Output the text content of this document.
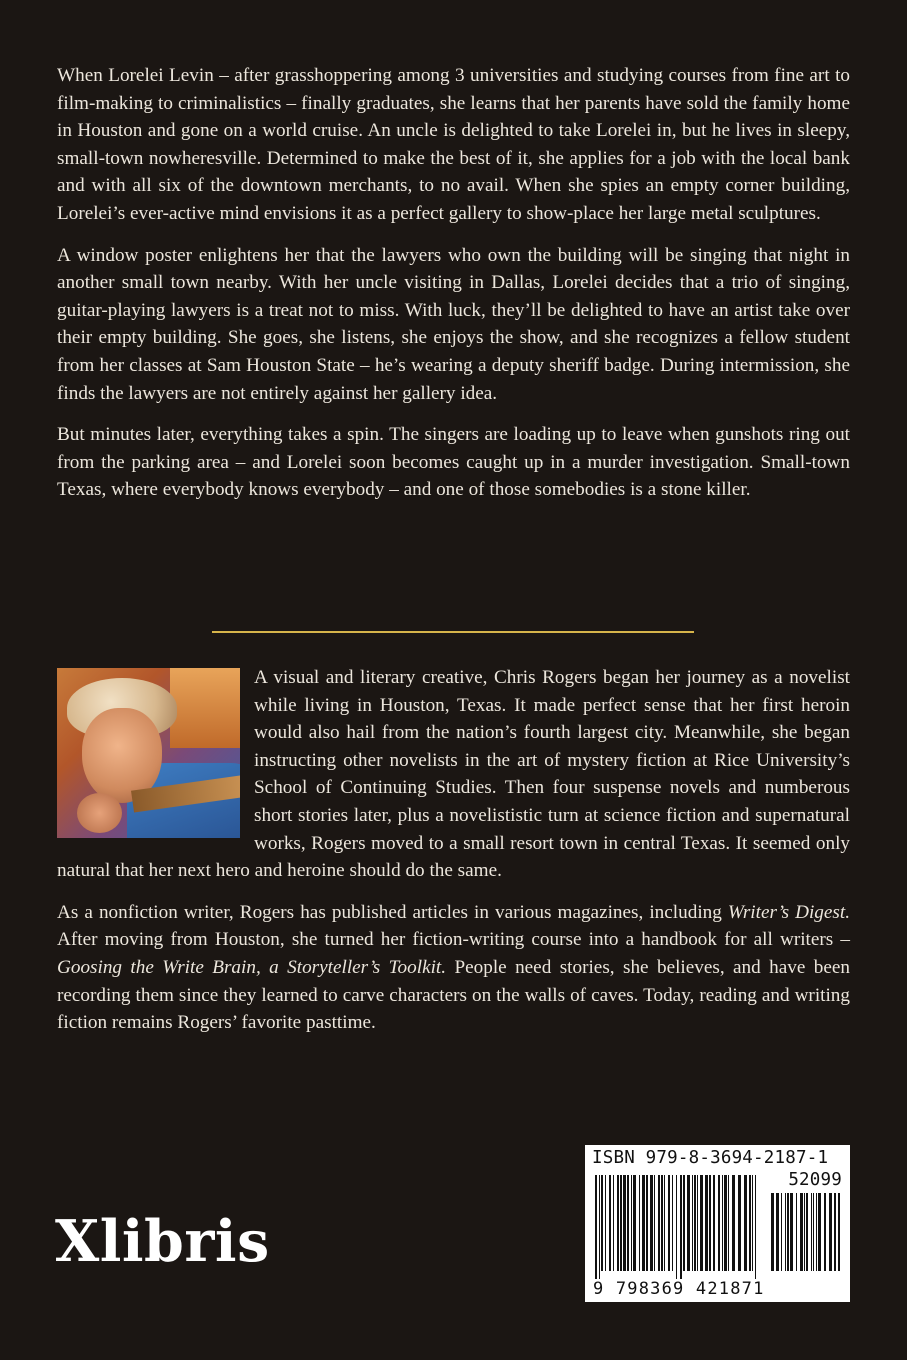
When Lorelei Levin – after grasshoppering among 3 universities and studying courses from fine art to film-making to criminalistics – finally graduates, she learns that her parents have sold the family home in Houston and gone on a world cruise. An uncle is delighted to take Lorelei in, but he lives in sleepy, small-town nowheresville. Determined to make the best of it, she applies for a job with the local bank and with all six of the downtown merchants, to no avail. When she spies an empty corner building, Lorelei’s ever-active mind envisions it as a perfect gallery to show-place her large metal sculptures.

A window poster enlightens her that the lawyers who own the building will be singing that night in another small town nearby. With her uncle visiting in Dallas, Lorelei decides that a trio of singing, guitar-playing lawyers is a treat not to miss. With luck, they’ll be delighted to have an artist take over their empty building. She goes, she listens, she enjoys the show, and she recognizes a fellow student from her classes at Sam Houston State – he’s wearing a deputy sheriff badge. During intermission, she finds the lawyers are not entirely against her gallery idea.

But minutes later, everything takes a spin. The singers are loading up to leave when gunshots ring out from the parking area – and Lorelei soon becomes caught up in a murder investigation. Small-town Texas, where everybody knows everybody – and one of those somebodies is a stone killer.

A visual and literary creative, Chris Rogers began her journey as a novelist while living in Houston, Texas. It made perfect sense that her first heroin would also hail from the nation’s fourth largest city. Meanwhile, she began instructing other novelists in the art of mystery fiction at Rice University’s School of Continuing Studies. Then four suspense novels and numberous short stories later, plus a novelististic turn at science fiction and supernatural works, Rogers moved to a small resort town in central Texas. It seemed only natural that her next hero and heroine should do the same.

As a nonfiction writer, Rogers has published articles in various magazines, including Writer’s Digest. After moving from Houston, she turned her fiction-writing course into a handbook for all writers – Goosing the Write Brain, a Storyteller’s Toolkit. People need stories, she believes, and have been recording them since they learned to carve characters on the walls of caves. Today, reading and writing fiction remains Rogers’ favorite pasttime.

Xlibris
ISBN 979-8-3694-2187-1
52099
9 798369 421871
